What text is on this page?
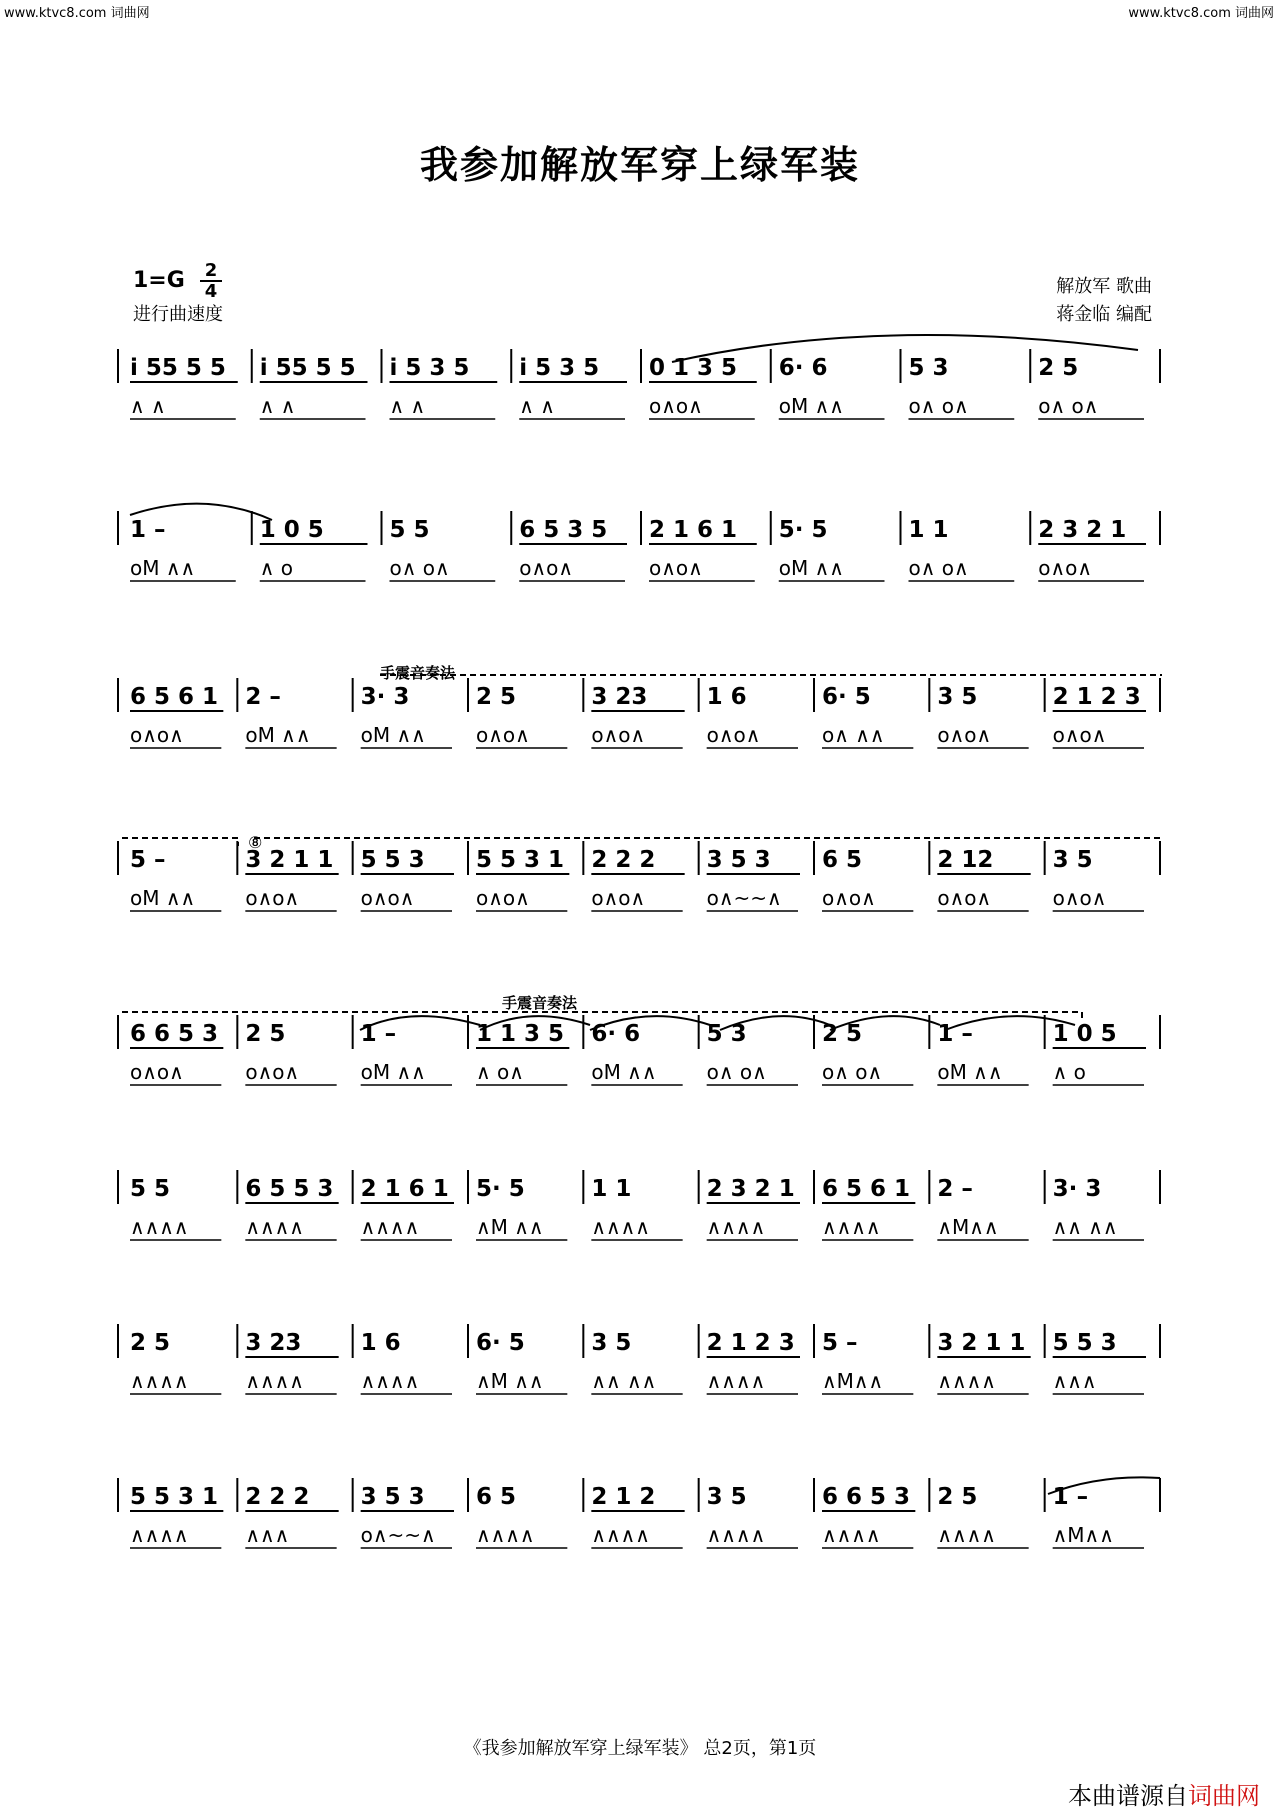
www.ktvc8.com 词曲网	www.ktvc8.com 词曲网
我参加解放军穿上绿军装
1=G 2
4
进行曲速度
解放军 歌曲
蒋金临 编配
i 55 5 5
∧ ∧
i 55 5 5
∧ ∧
i 5 3 5
∧ ∧
i 5 3 5
∧ ∧
0 1 3 5
o∧o∧
6· 6
oΜ ∧∧
5 3
o∧ o∧
2 5
o∧ o∧
1 –
oΜ ∧∧
1 0 5
∧ o
5 5
o∧ o∧
6 5 3 5
o∧o∧
2 1 6 1
o∧o∧
5· 5
oΜ ∧∧
1 1
o∧ o∧
2 3 2 1
o∧o∧
6 5 6 1
o∧o∧
2 –
oΜ ∧∧
3· 3
oΜ ∧∧
2 5
o∧o∧
3 23
o∧o∧
1 6
o∧o∧
6· 5
o∧ ∧∧
3 5
o∧o∧
2 1 2 3
o∧o∧
5 –
oΜ ∧∧
3 2 1 1
o∧o∧
5 5 3
o∧o∧
5 5 3 1
o∧o∧
2 2 2
o∧o∧
3 5 3
o∧~~∧
6 5
o∧o∧
2 12
o∧o∧
3 5
o∧o∧
6 6 5 3
o∧o∧
2 5
o∧o∧
1 –
oΜ ∧∧
1 1 3 5
∧ o∧
6· 6
oΜ ∧∧
5 3
o∧ o∧
2 5
o∧ o∧
1 –
oΜ ∧∧
1 0 5
∧ o
5 5
∧∧∧∧
6 5 5 3
∧∧∧∧
2 1 6 1
∧∧∧∧
5· 5
∧Μ ∧∧
1 1
∧∧∧∧
2 3 2 1
∧∧∧∧
6 5 6 1
∧∧∧∧
2 –
∧Μ∧∧
3· 3
∧∧ ∧∧
2 5
∧∧∧∧
3 23
∧∧∧∧
1 6
∧∧∧∧
6· 5
∧Μ ∧∧
3 5
∧∧ ∧∧
2 1 2 3
∧∧∧∧
5 –
∧Μ∧∧
3 2 1 1
∧∧∧∧
5 5 3
∧∧∧
5 5 3 1
∧∧∧∧
2 2 2
∧∧∧
3 5 3
o∧~~∧
6 5
∧∧∧∧
2 1 2
∧∧∧∧
3 5
∧∧∧∧
6 6 5 3
∧∧∧∧
2 5
∧∧∧∧
1 –
∧Μ∧∧
手震音奏法
手震音奏法
⑧
《我参加解放军穿上绿军装》 总2页，第1页
本曲谱源自词曲网
